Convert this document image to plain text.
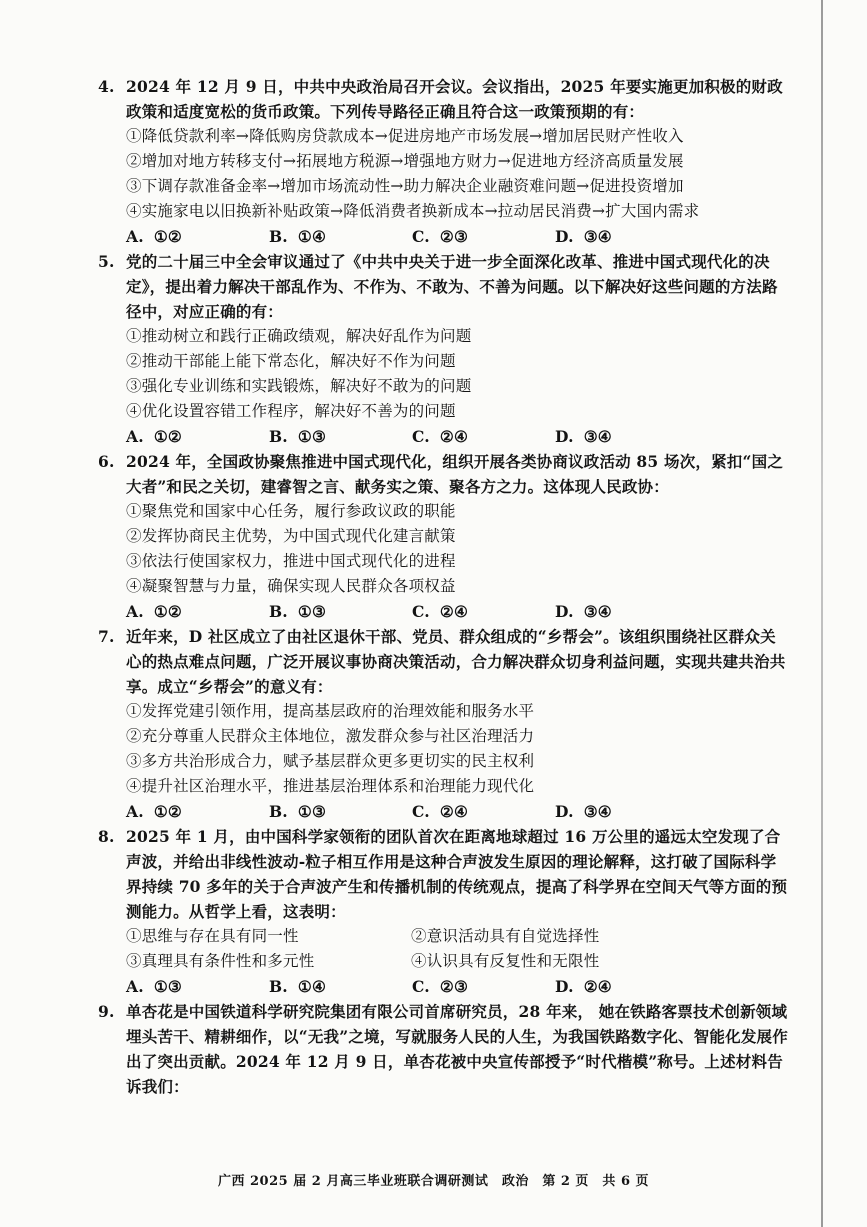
4. 2024 年 12 月 9 日，中共中央政治局召开会议。会议指出，2025 年要实施更加积极的财政政策和适度宽松的货币政策。下列传导路径正确且符合这一政策预期的有：
①降低贷款利率→降低购房贷款成本→促进房地产市场发展→增加居民财产性收入
②增加对地方转移支付→拓展地方税源→增强地方财力→促进地方经济高质量发展
③下调存款准备金率→增加市场流动性→助力解决企业融资难问题→促进投资增加
④实施家电以旧换新补贴政策→降低消费者换新成本→拉动居民消费→扩大国内需求
A. ①②	B. ①④	C. ②③	D. ③④
5. 党的二十届三中全会审议通过了《中共中央关于进一步全面深化改革、推进中国式现代化的决定》，提出着力解决干部乱作为、不作为、不敢为、不善为问题。以下解决好这些问题的方法路径中，对应正确的有：
①推动树立和践行正确政绩观，解决好乱作为问题
②推动干部能上能下常态化，解决好不作为问题
③强化专业训练和实践锻炼，解决好不敢为的问题
④优化设置容错工作程序，解决好不善为的问题
A. ①②	B. ①③	C. ②④	D. ③④
6. 2024 年，全国政协聚焦推进中国式现代化，组织开展各类协商议政活动 85 场次，紧扣“国之大者”和民之关切，建睿智之言、献务实之策、聚各方之力。这体现人民政协：
①聚焦党和国家中心任务，履行参政议政的职能
②发挥协商民主优势，为中国式现代化建言献策
③依法行使国家权力，推进中国式现代化的进程
④凝聚智慧与力量，确保实现人民群众各项权益
A. ①②	B. ①③	C. ②④	D. ③④
7. 近年来，D 社区成立了由社区退休干部、党员、群众组成的“乡帮会”。该组织围绕社区群众关心的热点难点问题，广泛开展议事协商决策活动，合力解决群众切身利益问题，实现共建共治共享。成立“乡帮会”的意义有：
①发挥党建引领作用，提高基层政府的治理效能和服务水平
②充分尊重人民群众主体地位，激发群众参与社区治理活力
③多方共治形成合力，赋予基层群众更多更切实的民主权利
④提升社区治理水平，推进基层治理体系和治理能力现代化
A. ①②	B. ①③	C. ②④	D. ③④
8. 2025 年 1 月，由中国科学家领衔的团队首次在距离地球超过 16 万公里的遥远太空发现了合声波，并给出非线性波动-粒子相互作用是这种合声波发生原因的理论解释，这打破了国际科学界持续 70 多年的关于合声波产生和传播机制的传统观点，提高了科学界在空间天气等方面的预测能力。从哲学上看，这表明：
①思维与存在具有同一性	②意识活动具有自觉选择性
③真理具有条件性和多元性	④认识具有反复性和无限性
A. ①③	B. ①④	C. ②③	D. ②④
9. 单杏花是中国铁道科学研究院集团有限公司首席研究员，28 年来， 她在铁路客票技术创新领域埋头苦干、精耕细作，以“无我”之境，写就服务人民的人生，为我国铁路数字化、智能化发展作出了突出贡献。2024 年 12 月 9 日，单杏花被中央宣传部授予“时代楷模”称号。上述材料告诉我们：
广西 2025 届 2 月高三毕业班联合调研测试　政治　第 2 页　共 6 页
